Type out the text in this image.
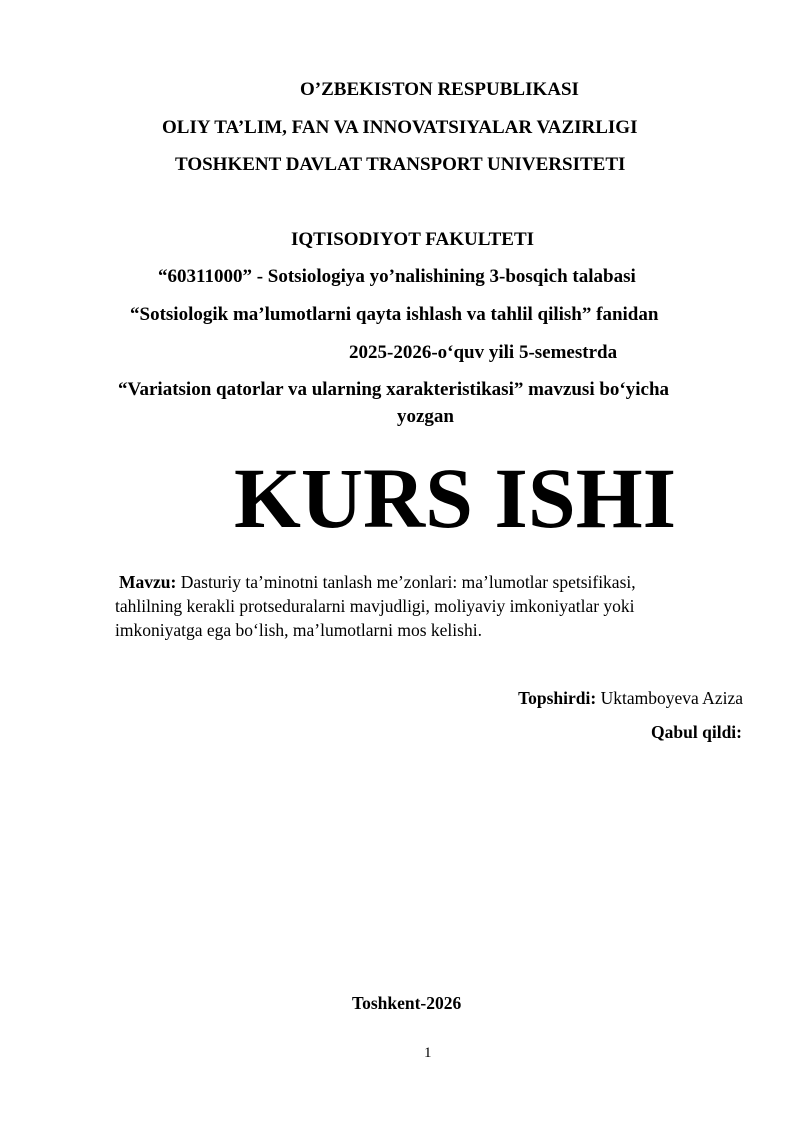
O’ZBEKISTON RESPUBLIKASI
OLIY TA’LIM, FAN VA INNOVATSIYALAR VAZIRLIGI
TOSHKENT DAVLAT TRANSPORT UNIVERSITETI
IQTISODIYOT FAKULTETI
“60311000” - Sotsiologiya yo’nalishining 3-bosqich talabasi
“Sotsiologik ma’lumotlarni qayta ishlash va tahlil qilish” fanidan
2025-2026-o‘quv yili 5-semestrda
“Variatsion qatorlar va ularning xarakteristikasi” mavzusi bo‘yicha
yozgan
KURS ISHI
Mavzu: Dasturiy ta’minotni tanlash me’zonlari: ma’lumotlar spetsifikasi,
tahlilning kerakli protseduralarni mavjudligi, moliyaviy imkoniyatlar yoki
imkoniyatga ega bo‘lish, ma’lumotlarni mos kelishi.
Topshirdi: Uktamboyeva Aziza
Qabul qildi:
Toshkent-2026
1
